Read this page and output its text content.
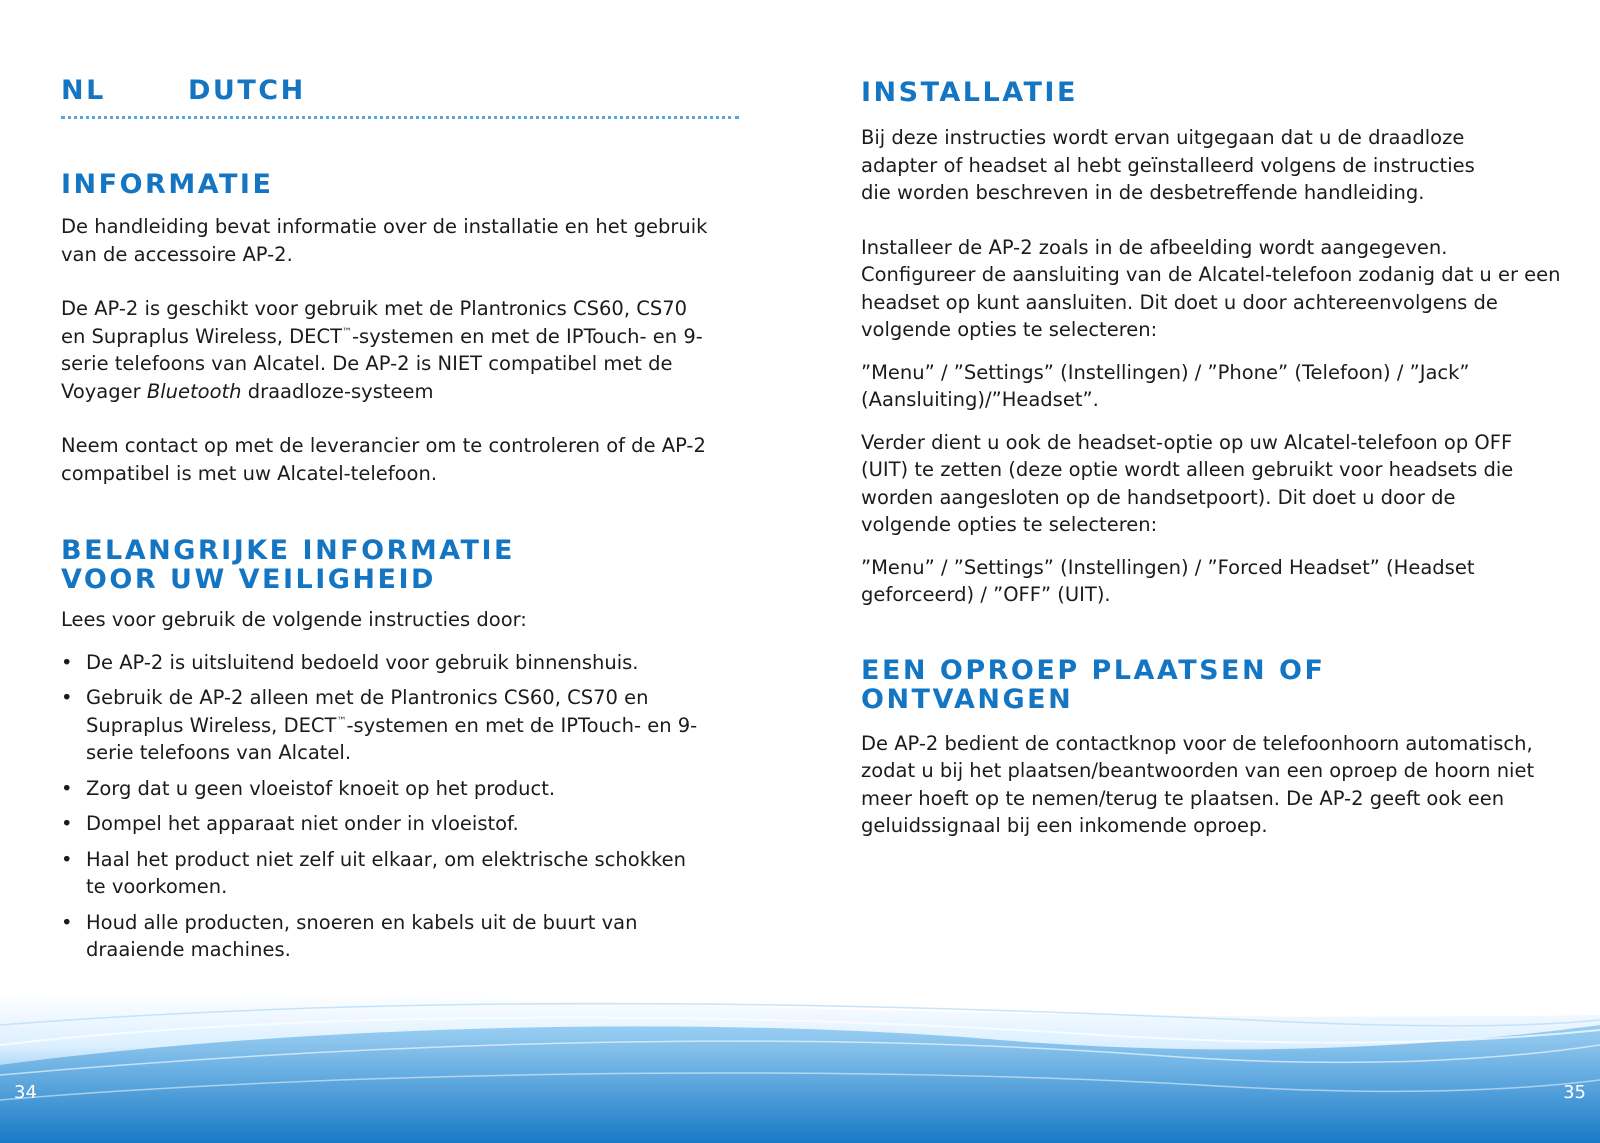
NL	DUTCH
INFORMATIE

De handleiding bevat informatie over de installatie en het gebruik van de accessoire AP-2.

De AP-2 is geschikt voor gebruik met de Plantronics CS60, CS70 en Supraplus Wireless, DECT™-systemen en met de IPTouch- en 9-serie telefoons van Alcatel. De AP-2 is NIET compatibel met de Voyager Bluetooth draadloze-systeem

Neem contact op met de leverancier om te controleren of de AP-2 compatibel is met uw Alcatel-telefoon.

BELANGRIJKE INFORMATIE
VOOR UW VEILIGHEID

Lees voor gebruik de volgende instructies door:

• De AP-2 is uitsluitend bedoeld voor gebruik binnenshuis.
• Gebruik de AP-2 alleen met de Plantronics CS60, CS70 en Supraplus Wireless, DECT™-systemen en met de IPTouch- en 9-serie telefoons van Alcatel.
• Zorg dat u geen vloeistof knoeit op het product.
• Dompel het apparaat niet onder in vloeistof.
• Haal het product niet zelf uit elkaar, om elektrische schokken te voorkomen.
• Houd alle producten, snoeren en kabels uit de buurt van draaiende machines.
INSTALLATIE

Bij deze instructies wordt ervan uitgegaan dat u de draadloze adapter of headset al hebt geïnstalleerd volgens de instructies die worden beschreven in de desbetreffende handleiding.

Installeer de AP-2 zoals in de afbeelding wordt aangegeven. Configureer de aansluiting van de Alcatel-telefoon zodanig dat u er een headset op kunt aansluiten. Dit doet u door achtereenvolgens de volgende opties te selecteren:

”Menu” / ”Settings” (Instellingen) / ”Phone” (Telefoon) / ”Jack” (Aansluiting)/”Headset”.

Verder dient u ook de headset-optie op uw Alcatel-telefoon op OFF (UIT) te zetten (deze optie wordt alleen gebruikt voor headsets die worden aangesloten op de handsetpoort). Dit doet u door de volgende opties te selecteren:

”Menu” / ”Settings” (Instellingen) / ”Forced Headset” (Headset geforceerd) / ”OFF” (UIT).

EEN OPROEP PLAATSEN OF
ONTVANGEN

De AP-2 bedient de contactknop voor de telefoonhoorn automatisch, zodat u bij het plaatsen/beantwoorden van een oproep de hoorn niet meer hoeft op te nemen/terug te plaatsen. De AP-2 geeft ook een geluidssignaal bij een inkomende oproep.

34	35
